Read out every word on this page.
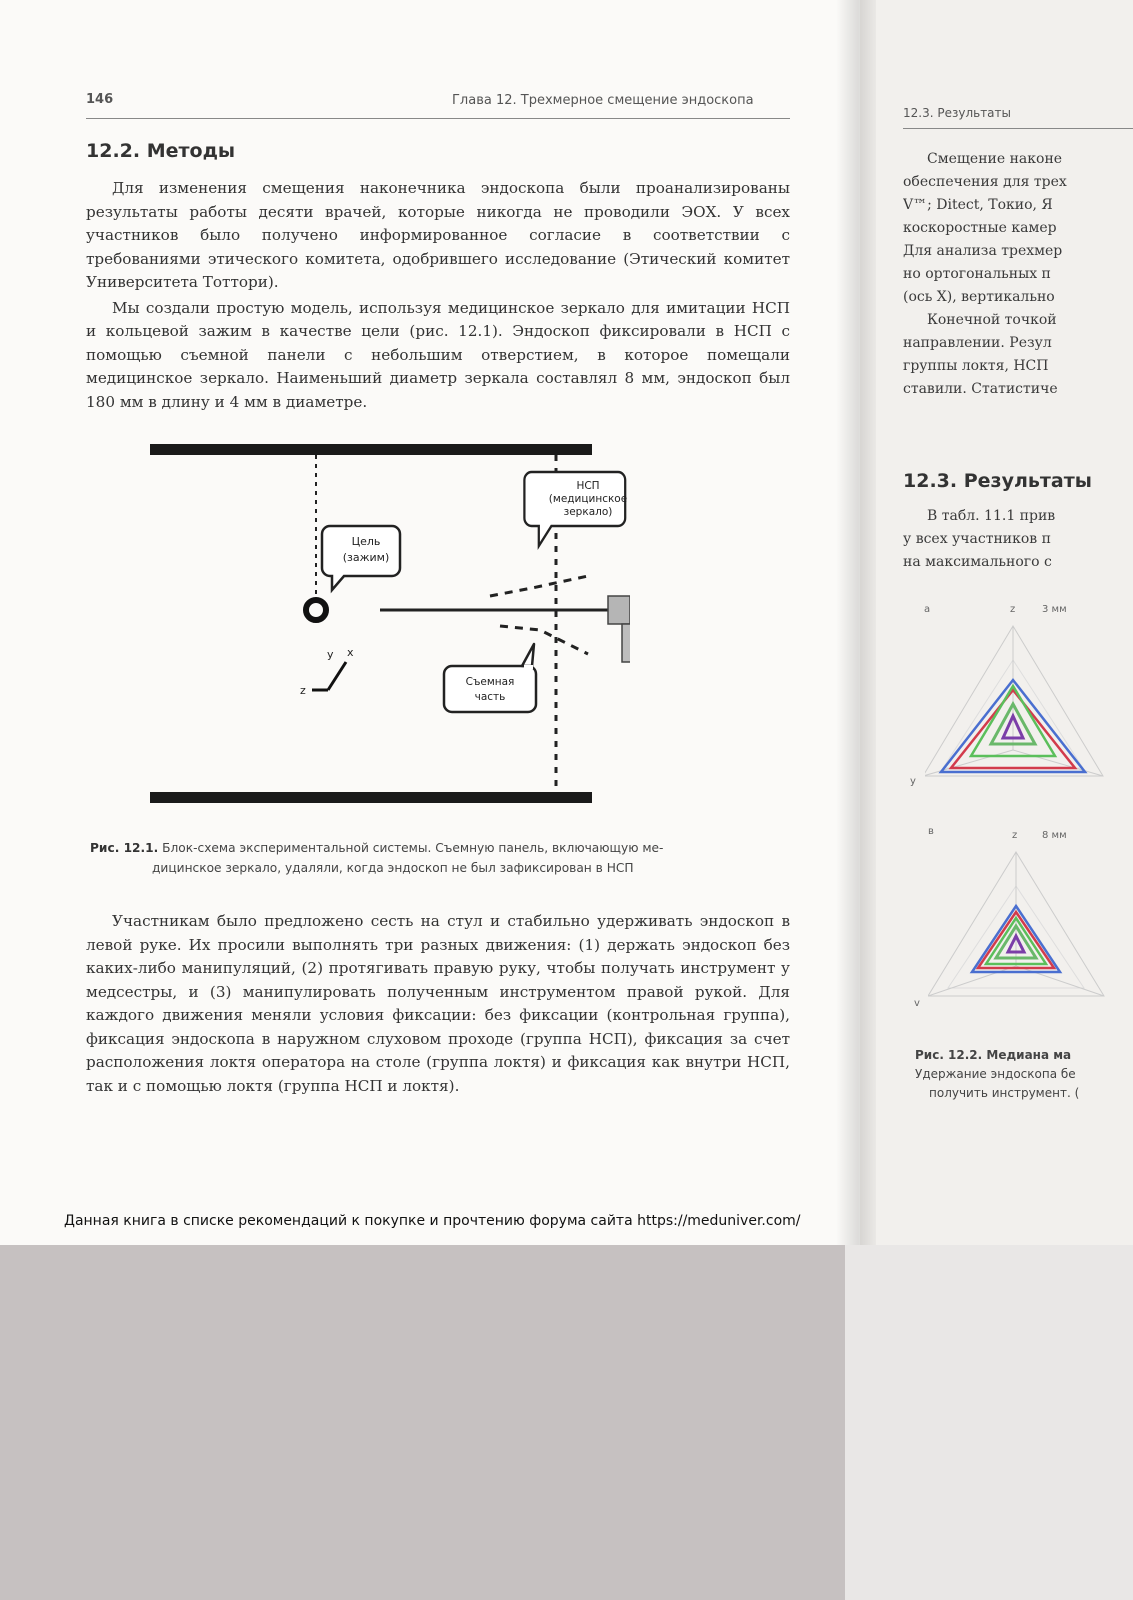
146	Глава 12. Трехмерное смещение эндоскопа
12.2. Методы

Для изменения смещения наконечника эндоскопа были проанализированы результаты работы десяти врачей, которые никогда не проводили ЭОХ. У всех участников было получено информированное согласие в соответствии с требованиями этического комитета, одобрившего исследование (Этический комитет Университета Тоттори).

Мы создали простую модель, используя медицинское зеркало для имитации НСП и кольцевой зажим в качестве цели (рис. 12.1). Эндоскоп фиксировали в НСП с помощью съемной панели с небольшим отверстием, в которое помещали медицинское зеркало. Наименьший диаметр зеркала составлял 8 мм, эндоскоп был 180 мм в длину и 4 мм в диаметре.

Цель
(зажим)
НСП
(медицинское
зеркало)
Съемная
часть
y x
z
Рис. 12.1. Блок-схема экспериментальной системы. Съемную панель, включающую ме-
дицинское зеркало, удаляли, когда эндоскоп не был зафиксирован в НСП

Участникам было предложено сесть на стул и стабильно удерживать эндоскоп в левой руке. Их просили выполнять три разных движения: (1) держать эндоскоп без каких-либо манипуляций, (2) протягивать правую руку, чтобы получать инструмент у медсестры, и (3) манипулировать полученным инструментом правой рукой. Для каждого движения меняли условия фиксации: без фиксации (контрольная группа), фиксация эндоскопа в наружном слуховом проходе (группа НСП), фиксация за счет расположения локтя оператора на столе (группа локтя) и фиксация как внутри НСП, так и с помощью локтя (группа НСП и локтя).

Данная книга в списке рекомендаций к покупке и прочтению форума сайта https://meduniver.com/
12.3. Результаты
Смещение наконе
обеспечения для трех
V™; Ditect, Токио, Я
коскоростные камер
Для анализа трехмер
но ортогональных п
(ось X), вертикально
Конечной точкой
направлении. Резул
группы локтя, НСП
ставили. Статистиче
12.3. Результаты
В табл. 11.1 прив
у всех участников п
на максимального с
а	z	3 мм
y
в	z 8 мм
v
Рис. 12.2. Медиана ма
Удержание эндоскопа бе
получить инструмент. (
